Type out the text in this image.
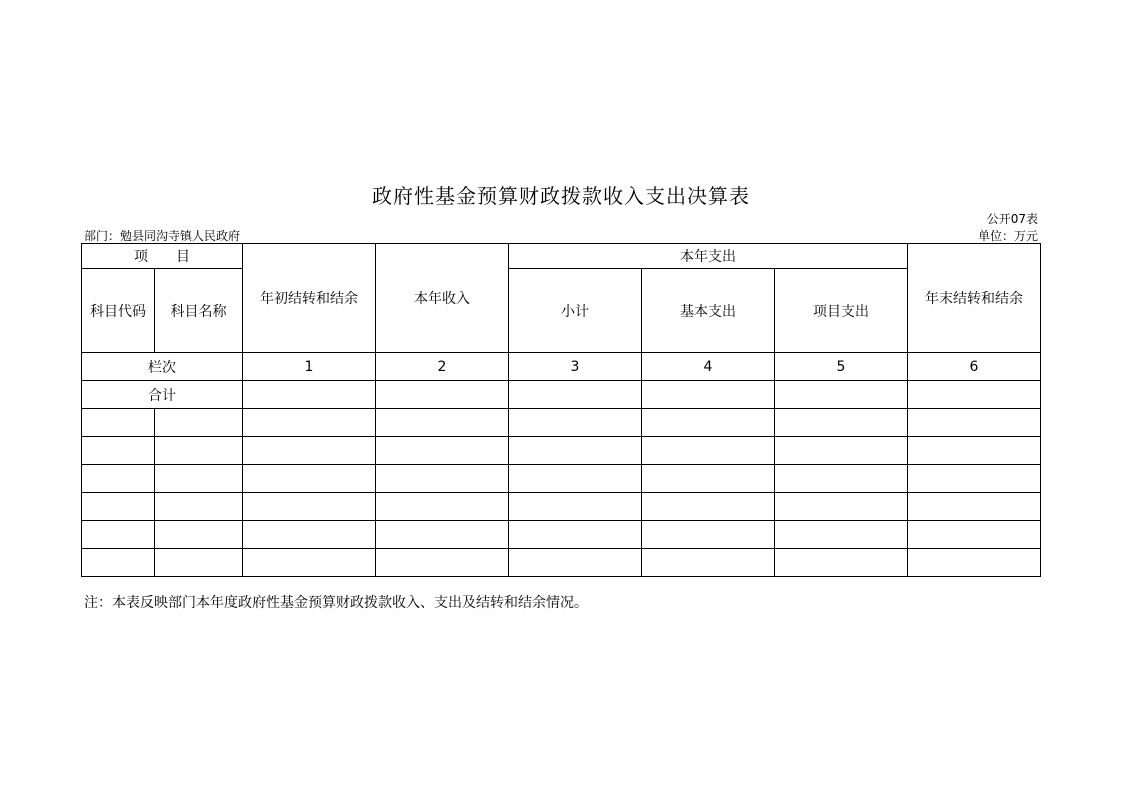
政府性基金预算财政拨款收入支出决算表
公开07表
部门：勉县同沟寺镇人民政府	单位：万元
项　　目		年初结转和结余	本年收入	本年支出			年末结转和结余
科目代码	科目名称			小计	基本支出	项目支出	
栏次		1	2	3	4	5	6
合计							

注：本表反映部门本年度政府性基金预算财政拨款收入、支出及结转和结余情况。
